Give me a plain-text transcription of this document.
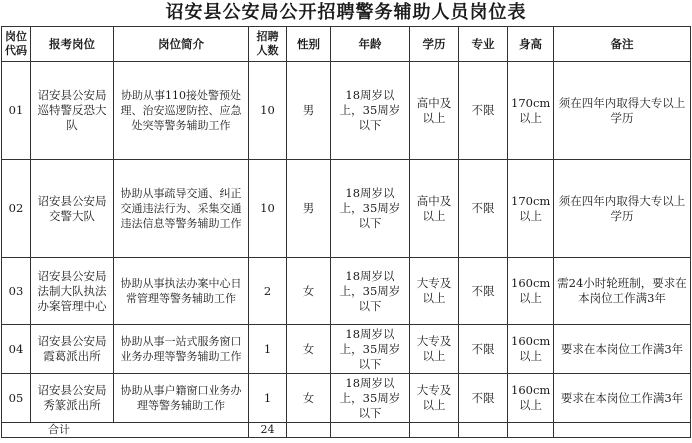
诏安县公安局公开招聘警务辅助人员岗位表
岗位代码	报考岗位	岗位简介	招聘人数	性别	年龄	学历	专业	身高	备注
01	诏安县公安局巡特警反恐大队	协助从事110接处警预处理、治安巡逻防控、应急处突等警务辅助工作	10	男	18周岁以上，35周岁以下	高中及以上	不限	170cm以上	须在四年内取得大专以上学历
02	诏安县公安局交警大队	协助从事疏导交通、纠正交通违法行为、采集交通违法信息等警务辅助工作	10	男	18周岁以上，35周岁以下	高中及以上	不限	170cm以上	须在四年内取得大专以上学历
03	诏安县公安局法制大队执法办案管理中心	协助从事执法办案中心日常管理等警务辅助工作	2	女	18周岁以上，35周岁以下	大专及以上	不限	160cm以上	需24小时轮班制，要求在本岗位工作满3年
04	诏安县公安局霞葛派出所	协助从事一站式服务窗口业务办理等警务辅助工作	1	女	18周岁以上，35周岁以下	大专及以上	不限	160cm以上	要求在本岗位工作满3年
05	诏安县公安局秀篆派出所	协助从事户籍窗口业务办理等警务辅助工作	1	女	18周岁以上，35周岁以下	大专及以上	不限	160cm以上	要求在本岗位工作满3年
合计			24						
